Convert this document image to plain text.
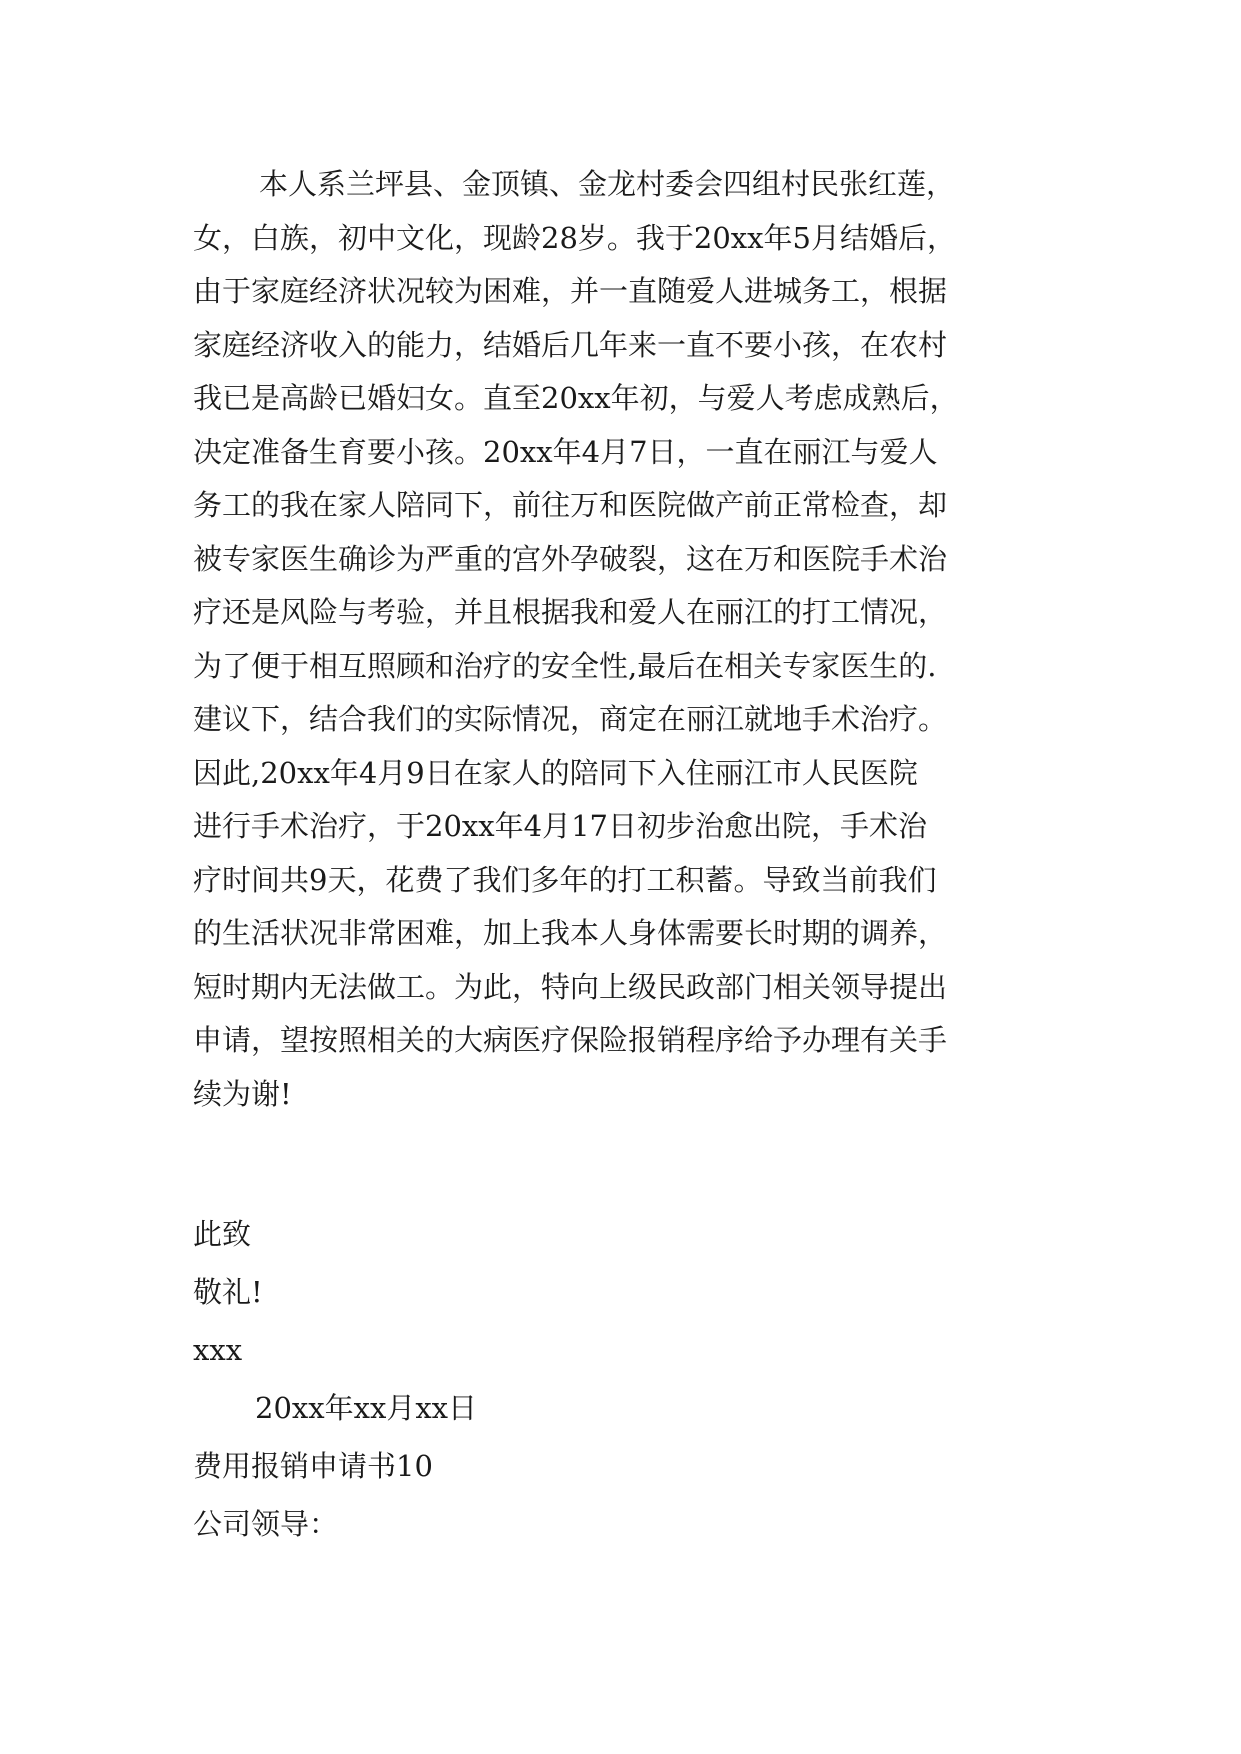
本人系兰坪县、金顶镇、金龙村委会四组村民张红莲，
女，白族，初中文化，现龄28岁。我于20xx年5月结婚后，
由于家庭经济状况较为困难，并一直随爱人进城务工，根据
家庭经济收入的能力，结婚后几年来一直不要小孩，在农村
我已是高龄已婚妇女。直至20xx年初，与爱人考虑成熟后，
决定准备生育要小孩。20xx年4月7日，一直在丽江与爱人
务工的我在家人陪同下，前往万和医院做产前正常检查，却
被专家医生确诊为严重的宫外孕破裂，这在万和医院手术治
疗还是风险与考验，并且根据我和爱人在丽江的打工情况，
为了便于相互照顾和治疗的安全性,最后在相关专家医生的.
建议下，结合我们的实际情况，商定在丽江就地手术治疗。
因此,20xx年4月9日在家人的陪同下入住丽江市人民医院
进行手术治疗，于20xx年4月17日初步治愈出院，手术治
疗时间共9天，花费了我们多年的打工积蓄。导致当前我们
的生活状况非常困难，加上我本人身体需要长时期的调养，
短时期内无法做工。为此，特向上级民政部门相关领导提出
申请，望按照相关的大病医疗保险报销程序给予办理有关手
续为谢!
此致
敬礼!
xxx
20xx年xx月xx日
费用报销申请书10
公司领导：
